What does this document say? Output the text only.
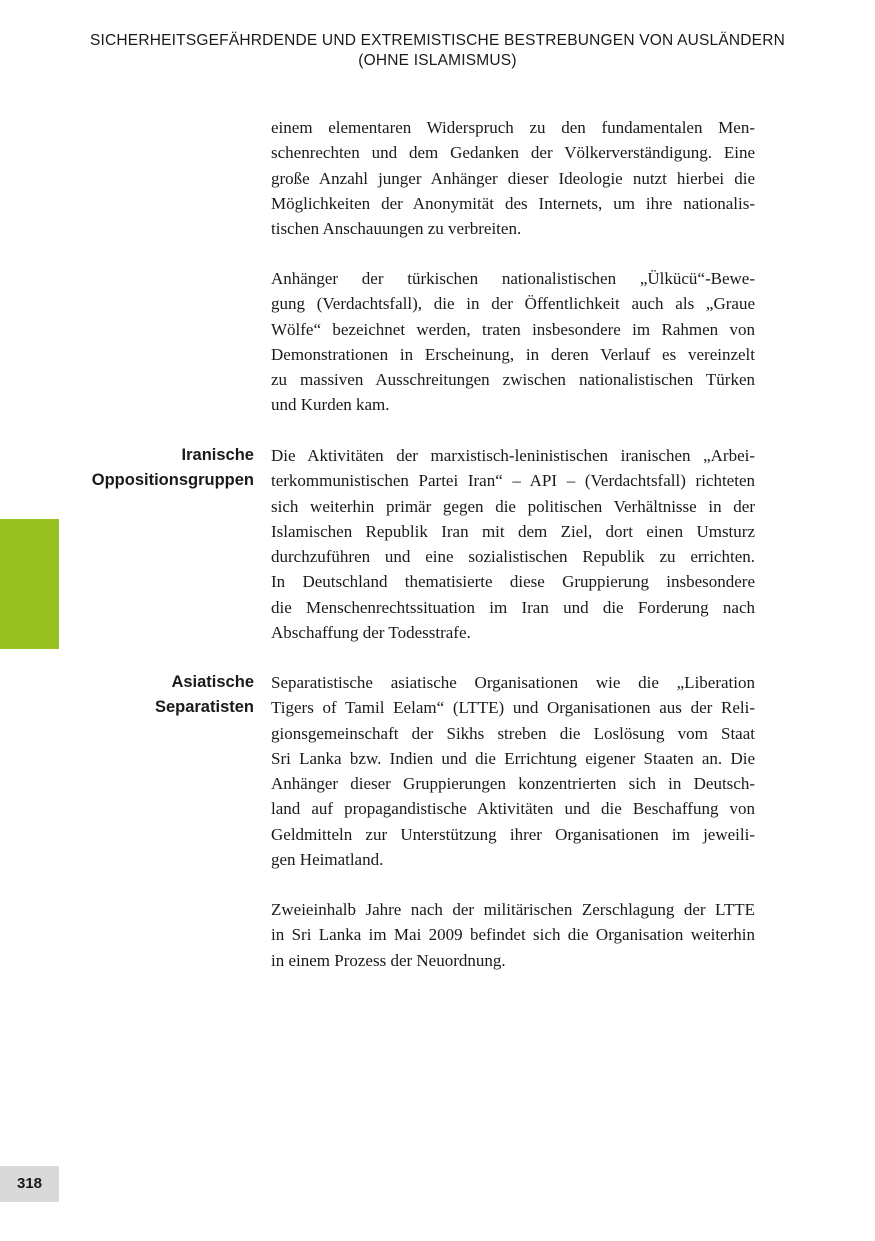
SICHERHEITSGEFÄHRDENDE UND EXTREMISTISCHE BESTREBUNGEN VON AUSLÄNDERN
(OHNE ISLAMISMUS)

einem elementaren Widerspruch zu den fundamentalen Men-
schenrechten und dem Gedanken der Völkerverständigung. Eine
große Anzahl junger Anhänger dieser Ideologie nutzt hierbei die
Möglichkeiten der Anonymität des Internets, um ihre nationalis-
tischen Anschauungen zu verbreiten.

Anhänger der türkischen nationalistischen „Ülkücü“-Bewe-
gung (Verdachtsfall), die in der Öffentlichkeit auch als „Graue
Wölfe“ bezeichnet werden, traten insbesondere im Rahmen von
Demonstrationen in Erscheinung, in deren Verlauf es vereinzelt
zu massiven Ausschreitungen zwischen nationalistischen Türken
und Kurden kam.

Iranische
Oppositionsgruppen

Die Aktivitäten der marxistisch-leninistischen iranischen „Arbei-
terkommunistischen Partei Iran“ – API – (Verdachtsfall) richteten
sich weiterhin primär gegen die politischen Verhältnisse in der
Islamischen Republik Iran mit dem Ziel, dort einen Umsturz
durchzuführen und eine sozialistischen Republik zu errichten.
In Deutschland thematisierte diese Gruppierung insbesondere
die Menschenrechtssituation im Iran und die Forderung nach
Abschaffung der Todesstrafe.

Asiatische
Separatisten

Separatistische asiatische Organisationen wie die „Liberation
Tigers of Tamil Eelam“ (LTTE) und Organisationen aus der Reli-
gionsgemeinschaft der Sikhs streben die Loslösung vom Staat
Sri Lanka bzw. Indien und die Errichtung eigener Staaten an. Die
Anhänger dieser Gruppierungen konzentrierten sich in Deutsch-
land auf propagandistische Aktivitäten und die Beschaffung von
Geldmitteln zur Unterstützung ihrer Organisationen im jeweili-
gen Heimatland.

Zweieinhalb Jahre nach der militärischen Zerschlagung der LTTE
in Sri Lanka im Mai 2009 befindet sich die Organisation weiterhin
in einem Prozess der Neuordnung.

318
